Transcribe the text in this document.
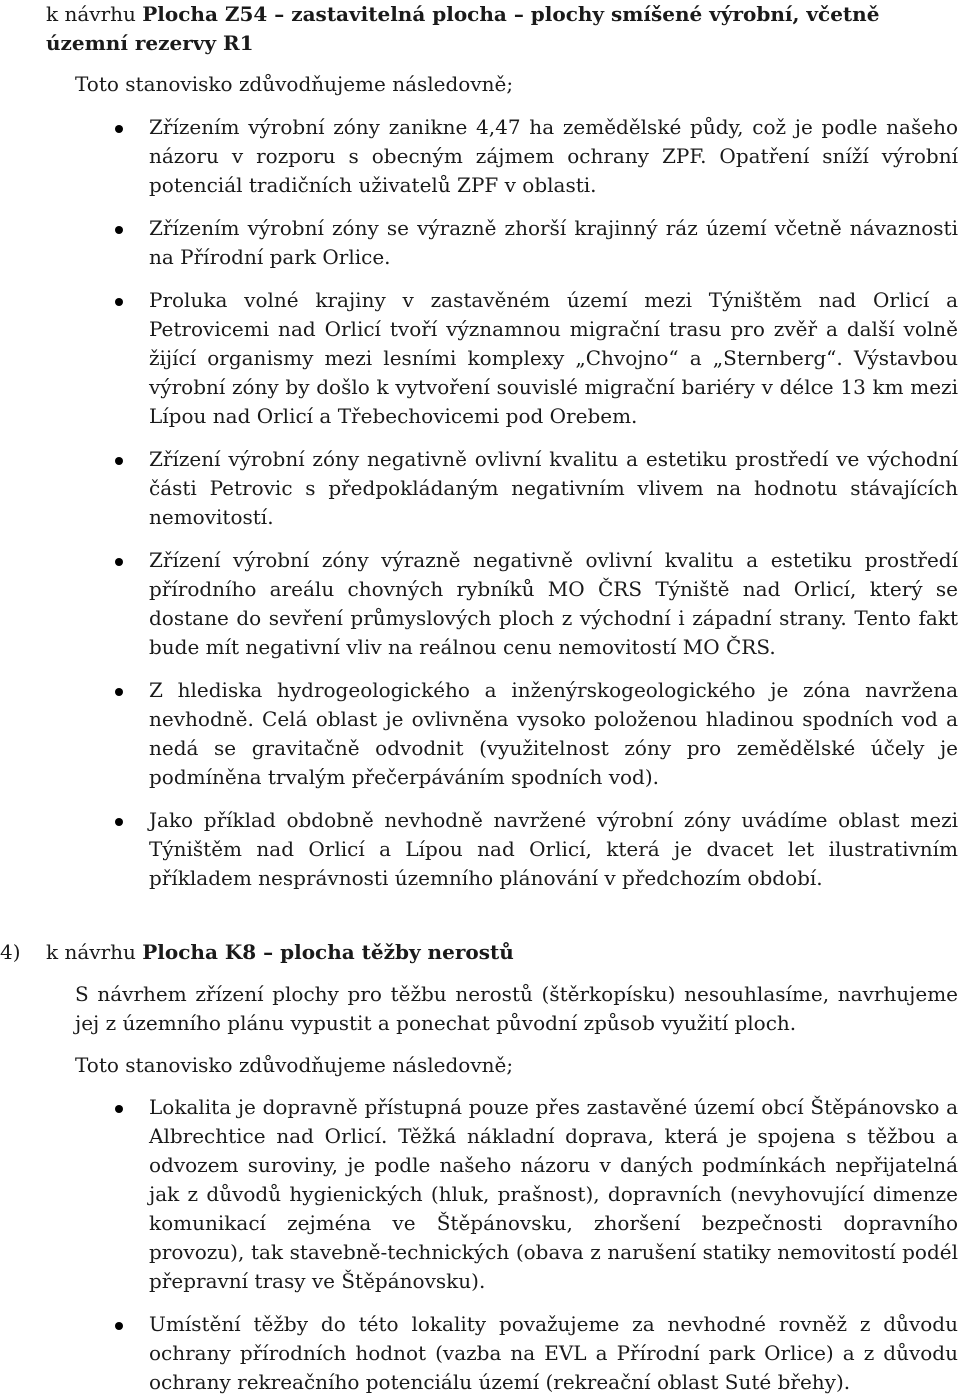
k návrhu Plocha Z54 – zastavitelná plocha – plochy smíšené výrobní, včetně
územní rezervy R1

Toto stanovisko zdůvodňujeme následovně;

Zřízením výrobní zóny zanikne 4,47 ha zemědělské půdy, což je podle našeho názoru v rozporu s obecným zájmem ochrany ZPF. Opatření sníží výrobní potenciál tradičních uživatelů ZPF v oblasti.
Zřízením výrobní zóny se výrazně zhorší krajinný ráz území včetně návaznosti na Přírodní park Orlice.
Proluka volné krajiny v zastavěném území mezi Týništěm nad Orlicí a Petrovicemi nad Orlicí tvoří významnou migrační trasu pro zvěř a další volně žijící organismy mezi lesními komplexy „Chvojno“ a „Sternberg“. Výstavbou výrobní zóny by došlo k vytvoření souvislé migrační bariéry v délce 13 km mezi Lípou nad Orlicí a Třebechovicemi pod Orebem.
Zřízení výrobní zóny negativně ovlivní kvalitu a estetiku prostředí ve východní části Petrovic s předpokládaným negativním vlivem na hodnotu stávajících nemovitostí.
Zřízení výrobní zóny výrazně negativně ovlivní kvalitu a estetiku prostředí přírodního areálu chovných rybníků MO ČRS Týniště nad Orlicí, který se dostane do sevření průmyslových ploch z východní i západní strany. Tento fakt bude mít negativní vliv na reálnou cenu nemovitostí MO ČRS.
Z hlediska hydrogeologického a inženýrskogeologického je zóna navržena nevhodně. Celá oblast je ovlivněna vysoko položenou hladinou spodních vod a nedá se gravitačně odvodnit (využitelnost zóny pro zemědělské účely je podmíněna trvalým přečerpáváním spodních vod).
Jako příklad obdobně nevhodně navržené výrobní zóny uvádíme oblast mezi Týništěm nad Orlicí a Lípou nad Orlicí, která je dvacet let ilustrativním příkladem nesprávnosti územního plánování v předchozím období.
4) k návrhu Plocha K8 – plocha těžby nerostů

S návrhem zřízení plochy pro těžbu nerostů (štěrkopísku) nesouhlasíme, navrhujeme jej z územního plánu vypustit a ponechat původní způsob využití ploch.

Toto stanovisko zdůvodňujeme následovně;

Lokalita je dopravně přístupná pouze přes zastavěné území obcí Štěpánovsko a Albrechtice nad Orlicí. Těžká nákladní doprava, která je spojena s těžbou a odvozem suroviny, je podle našeho názoru v daných podmínkách nepřijatelná jak z důvodů hygienických (hluk, prašnost), dopravních (nevyhovující dimenze komunikací zejména ve Štěpánovsku, zhoršení bezpečnosti dopravního provozu), tak stavebně-technických (obava z narušení statiky nemovitostí podél přepravní trasy ve Štěpánovsku).
Umístění těžby do této lokality považujeme za nevhodné rovněž z důvodu ochrany přírodních hodnot (vazba na EVL a Přírodní park Orlice) a z důvodu ochrany rekreačního potenciálu území (rekreační oblast Suté břehy).
